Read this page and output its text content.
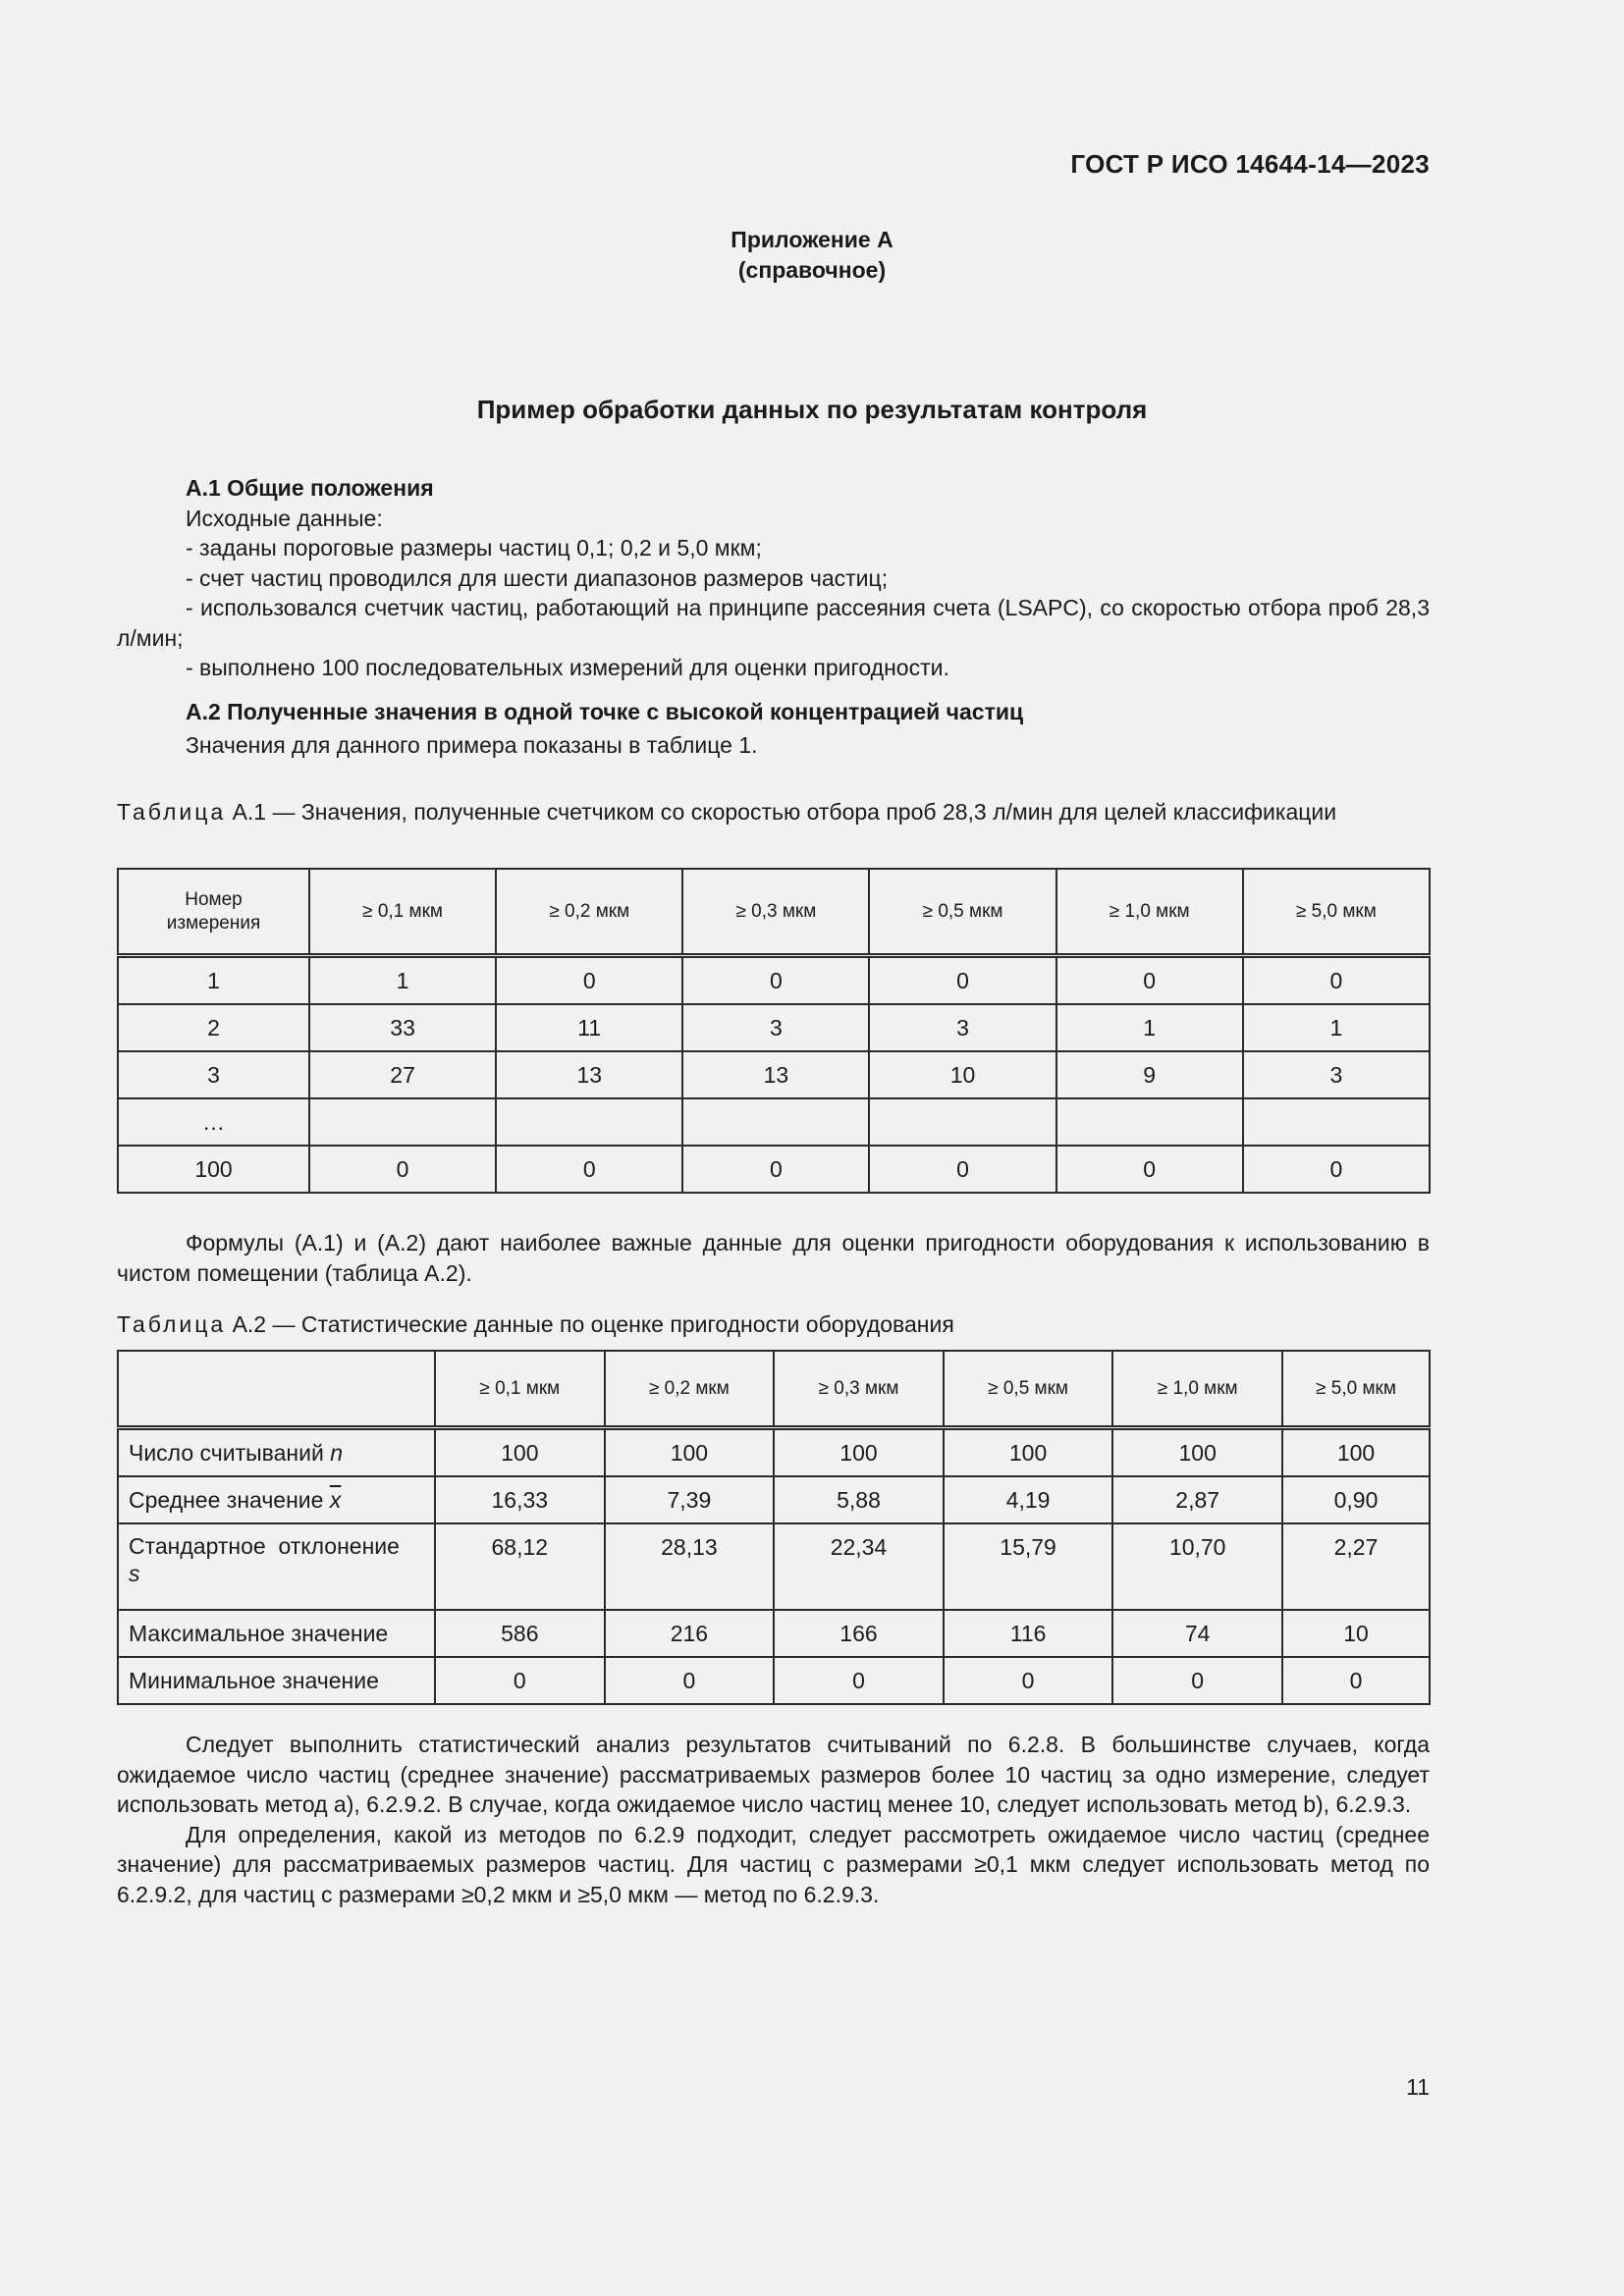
ГОСТ Р ИСО 14644-14—2023
Приложение А
(справочное)
Пример обработки данных по результатам контроля

А.1 Общие положения

Исходные данные:

- заданы пороговые размеры частиц 0,1; 0,2 и 5,0 мкм;

- счет частиц проводился для шести диапазонов размеров частиц;

- использовался счетчик частиц, работающий на принципе рассеяния счета (LSAPC), со скоростью отбора проб 28,3 л/мин;

- выполнено 100 последовательных измерений для оценки пригодности.

А.2 Полученные значения в одной точке с высокой концентрацией частиц

Значения для данного примера показаны в таблице 1.

Таблица А.1 — Значения, полученные счетчиком со скоростью отбора проб 28,3 л/мин для целей классификации

Номер
измерения	≥ 0,1 мкм	≥ 0,2 мкм	≥ 0,3 мкм	≥ 0,5 мкм	≥ 1,0 мкм	≥ 5,0 мкм
1	1	0	0	0	0	0
2	33	11	3	3	1	1
3	27	13	13	10	9	3
…						
100	0	0	0	0	0	0

Формулы (А.1) и (А.2) дают наиболее важные данные для оценки пригодности оборудования к использованию в чистом помещении (таблица А.2).

Таблица А.2 — Статистические данные по оценке пригодности оборудования

	≥ 0,1 мкм	≥ 0,2 мкм	≥ 0,3 мкм	≥ 0,5 мкм	≥ 1,0 мкм	≥ 5,0 мкм
Число считываний n	100	100	100	100	100	100
Среднее значение $\overline{x}$	16,33	7,39	5,88	4,19	2,87	0,90
Стандартное  отклонение
s	68,12	28,13	22,34	15,79	10,70	2,27
Максимальное значение	586	216	166	116	74	10
Минимальное значение	0	0	0	0	0	0

Следует выполнить статистический анализ результатов считываний по 6.2.8. В большинстве случаев, когда ожидаемое число частиц (среднее значение) рассматриваемых размеров более 10 частиц за одно измерение, следует использовать метод а), 6.2.9.2. В случае, когда ожидаемое число частиц менее 10, следует использовать метод b), 6.2.9.3.

Для определения, какой из методов по 6.2.9 подходит, следует рассмотреть ожидаемое число частиц (среднее значение) для рассматриваемых размеров частиц. Для частиц с размерами ≥0,1 мкм следует использовать метод по 6.2.9.2, для частиц с размерами ≥0,2 мкм и ≥5,0 мкм — метод по 6.2.9.3.

11
